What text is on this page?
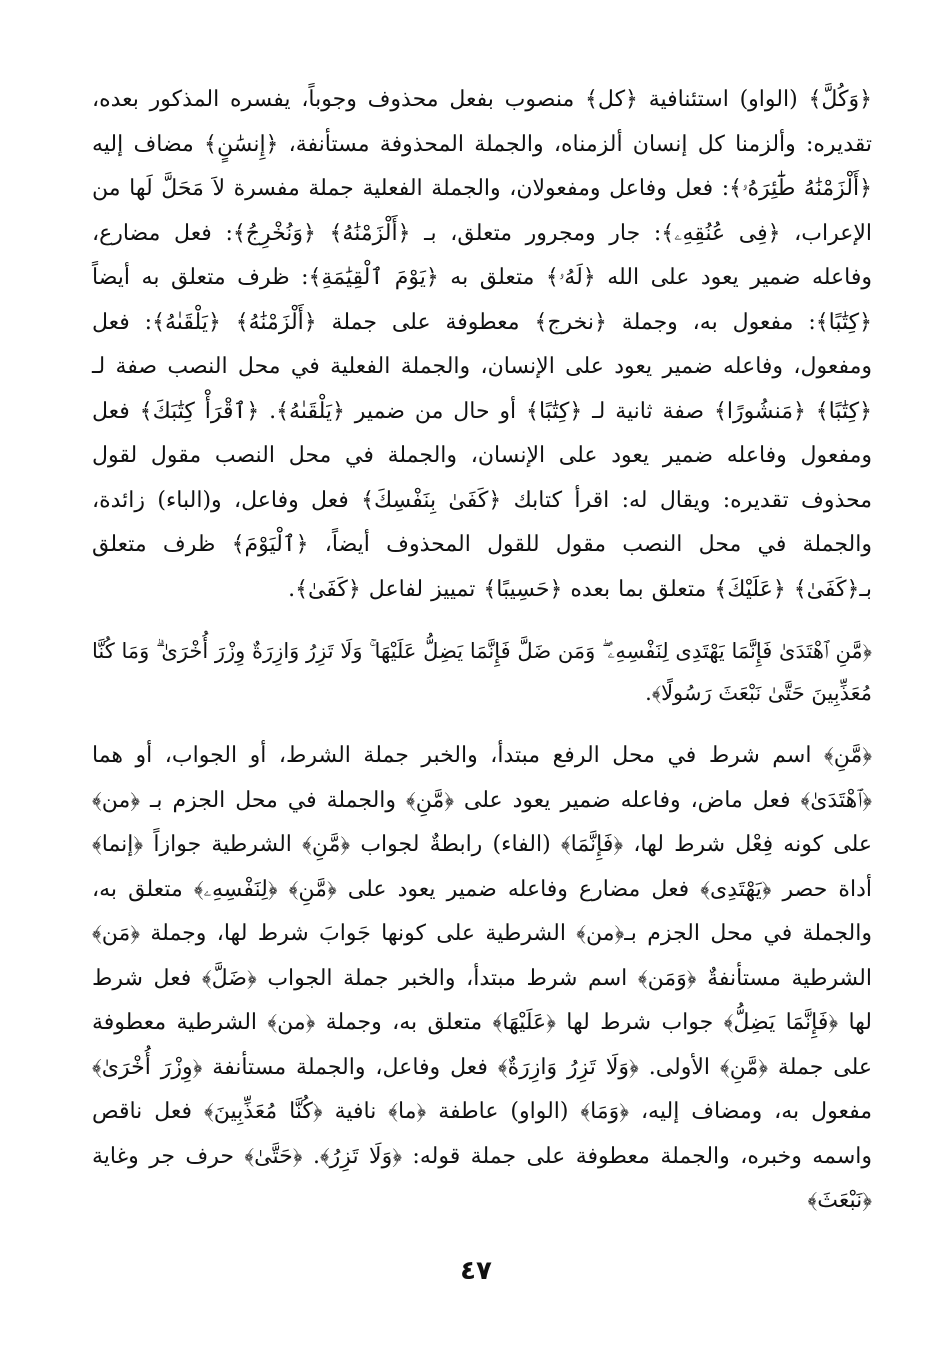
﴿وَكُلَّ﴾ (الواو) استئنافية ﴿كل﴾ منصوب بفعل محذوف وجوباً، يفسره المذكور بعده، تقديره: وألزمنا كل إنسان ألزمناه، والجملة المحذوفة مستأنفة، ﴿إِنسَٰنٍ﴾ مضاف إليه ﴿أَلْزَمْنَٰهُ طَٰٓئِرَهُۥ﴾: فعل وفاعل ومفعولان، والجملة الفعلية جملة مفسرة لاَ مَحَلَّ لَها من الإعراب، ﴿فِى عُنُقِهِۦ﴾: جار ومجرور متعلق، بـ ﴿أَلْزَمْنَٰهُ﴾ ﴿وَنُخْرِجُ﴾: فعل مضارع، وفاعله ضمير يعود على الله ﴿لَهُۥ﴾ متعلق به ﴿يَوْمَ ٱلْقِيَٰمَةِ﴾: ظرف متعلق به أيضاً ﴿كِتَٰبًا﴾: مفعول به، وجملة ﴿نخرج﴾ معطوفة على جملة ﴿أَلْزَمْنَٰهُ﴾ ﴿يَلْقَىٰهُ﴾: فعل ومفعول، وفاعله ضمير يعود على الإنسان، والجملة الفعلية في محل النصب صفة لـ ﴿كِتَٰبًا﴾ ﴿مَنشُورًا﴾ صفة ثانية لـ ﴿كِتَٰبًا﴾ أو حال من ضمير ﴿يَلْقَىٰهُ﴾. ﴿ٱقْرَأْ كِتَٰبَكَ﴾ فعل ومفعول وفاعله ضمير يعود على الإنسان، والجملة في محل النصب مقول لقول محذوف تقديره: ويقال له: اقرأ كتابك ﴿كَفَىٰ بِنَفْسِكَ﴾ فعل وفاعل، و(الباء) زائدة، والجملة في محل النصب مقول للقول المحذوف أيضاً، ﴿ٱلْيَوْمَ﴾ ظرف متعلق بـ﴿كَفَىٰ﴾ ﴿عَلَيْكَ﴾ متعلق بما بعده ﴿حَسِيبًا﴾ تمييز لفاعل ﴿كَفَىٰ﴾.

﴿مَّنِ ٱهْتَدَىٰ فَإِنَّمَا يَهْتَدِى لِنَفْسِهِۦ ۖ وَمَن ضَلَّ فَإِنَّمَا يَضِلُّ عَلَيْهَا ۚ وَلَا تَزِرُ وَازِرَةٌ وِزْرَ أُخْرَىٰ ۗ وَمَا كُنَّا مُعَذِّبِينَ حَتَّىٰ نَبْعَثَ رَسُولًا﴾.

﴿مَّنِ﴾ اسم شرط في محل الرفع مبتدأ، والخبر جملة الشرط، أو الجواب، أو هما ﴿ٱهْتَدَىٰ﴾ فعل ماض، وفاعله ضمير يعود على ﴿مَّنِ﴾ والجملة في محل الجزم بـ ﴿من﴾ على كونه فِعْل شرط لها، ﴿فَإِنَّمَا﴾ (الفاء) رابطةٌ لجواب ﴿مَّنِ﴾ الشرطية جوازاً ﴿إنما﴾ أداة حصر ﴿يَهْتَدِى﴾ فعل مضارع وفاعله ضمير يعود على ﴿مَّنِ﴾ ﴿لِنَفْسِهِۦ﴾ متعلق به، والجملة في محل الجزم بـ﴿من﴾ الشرطية على كونها جَوابَ شرط لها، وجملة ﴿مَن﴾ الشرطية مستأنفةٌ ﴿وَمَن﴾ اسم شرط مبتدأ، والخبر جملة الجواب ﴿ضَلَّ﴾ فعل شرط لها ﴿فَإِنَّمَا يَضِلُّ﴾ جواب شرط لها ﴿عَلَيْهَا﴾ متعلق به، وجملة ﴿من﴾ الشرطية معطوفة على جملة ﴿مَّنِ﴾ الأولى. ﴿وَلَا تَزِرُ وَازِرَةٌ﴾ فعل وفاعل، والجملة مستأنفة ﴿وِزْرَ أُخْرَىٰ﴾ مفعول به، ومضاف إليه، ﴿وَمَا﴾ (الواو) عاطفة ﴿ما﴾ نافية ﴿كُنَّا مُعَذِّبِينَ﴾ فعل ناقص واسمه وخبره، والجملة معطوفة على جملة قوله: ﴿وَلَا تَزِرُ﴾. ﴿حَتَّىٰ﴾ حرف جر وغاية ﴿نَبْعَثَ﴾

٤٧
